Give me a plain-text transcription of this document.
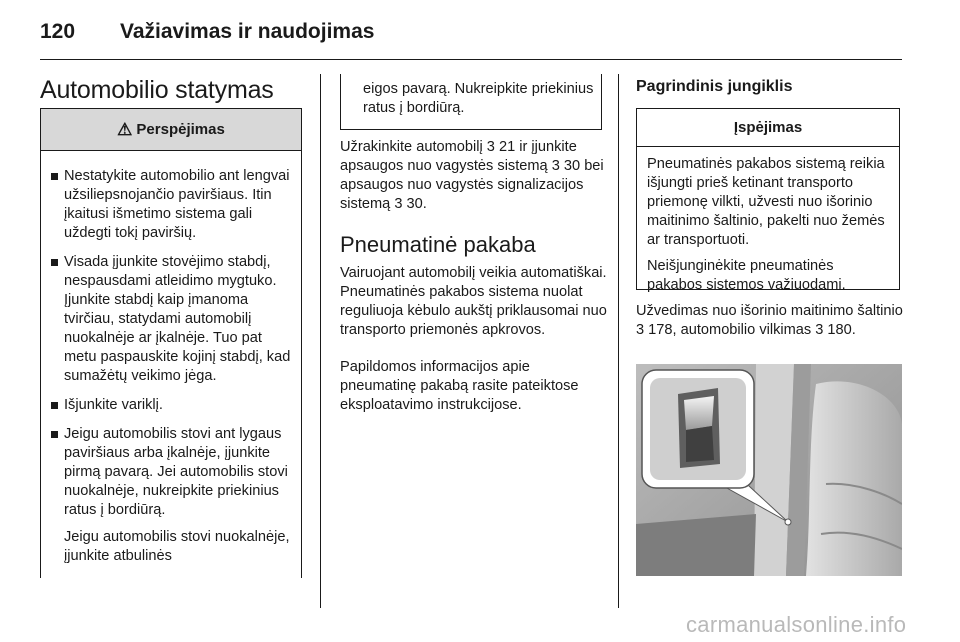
120 Važiavimas ir naudojimas
Automobilio statymas
⚠ Perspėjimas
Nestatykite automobilio ant lengvai užsiliepsnojančio paviršiaus. Itin įkaitusi išmetimo sistema gali uždegti tokį paviršių.
Visada įjunkite stovėjimo stabdį, nespausdami atleidimo mygtuko. Įjunkite stabdį kaip įmanoma tvirčiau, statydami automobilį nuokalnėje ar įkalnėje. Tuo pat metu paspauskite kojinį stabdį, kad sumažėtų veikimo jėga.
Išjunkite variklį.
Jeigu automobilis stovi ant lygaus paviršiaus arba įkalnėje, įjunkite pirmą pavarą. Jei automobilis stovi nuokalnėje, nukreipkite priekinius ratus į bordiūrą.
Jeigu automobilis stovi nuokalnėje, įjunkite atbulinės
eigos pavarą. Nukreipkite priekinius ratus į bordiūrą.
Užrakinkite automobilį 3 21 ir įjunkite apsaugos nuo vagystės sistemą 3 30 bei apsaugos nuo vagystės signalizacijos sistemą 3 30.
Pneumatinė pakaba
Vairuojant automobilį veikia automatiškai. Pneumatinės pakabos sistema nuolat reguliuoja kėbulo aukštį priklausomai nuo transporto priemonės apkrovos.
Papildomos informacijos apie pneumatinę pakabą rasite pateiktose eksploatavimo instrukcijose.
Pagrindinis jungiklis
Įspėjimas

Pneumatinės pakabos sistemą reikia išjungti prieš ketinant transporto priemonę vilkti, užvesti nuo išorinio maitinimo šaltinio, pakelti nuo žemės ar transportuoti.

Neišjunginėkite pneumatinės pakabos sistemos važiuodami.

Užvedimas nuo išorinio maitinimo šaltinio 3 178, automobilio vilkimas 3 180.
carmanualsonline.info
